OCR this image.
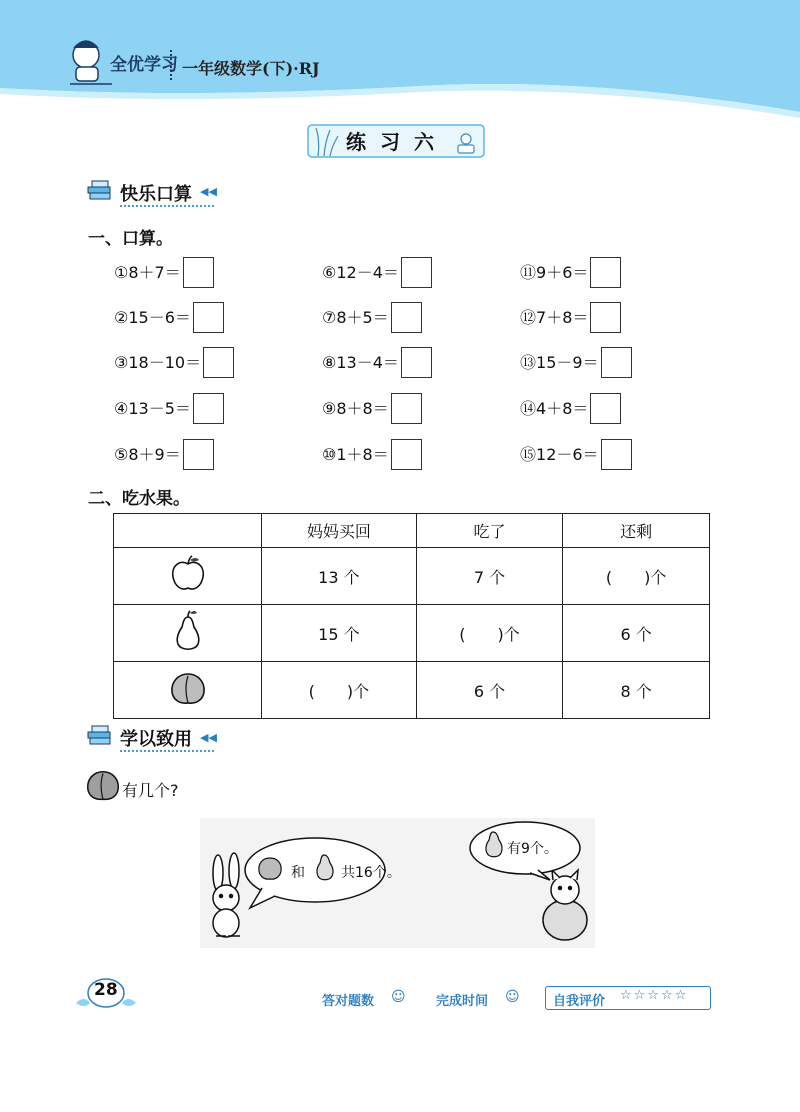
全优学习 一年级数学(下)·RJ
练习六
快乐口算 ◀◀
一、口算。
①8＋7＝
②15－6＝
③18－10＝
④13－5＝
⑤8＋9＝
⑥12－4＝
⑦8＋5＝
⑧13－4＝
⑨8＋8＝
⑩1＋8＝
⑪9＋6＝
⑫7＋8＝
⑬15－9＝
⑭4＋8＝
⑮12－6＝
二、吃水果。
	妈妈买回	吃了	还剩
	13 个	7 个	(　　)个
	15 个	(　　)个	6 个
	(　　)个	6 个	8 个
学以致用 ◀◀
有几个?
和	共16个。
有9个。
28
答对题数 ☺ 完成时间 ☺	自我评价 ☆☆☆☆☆
